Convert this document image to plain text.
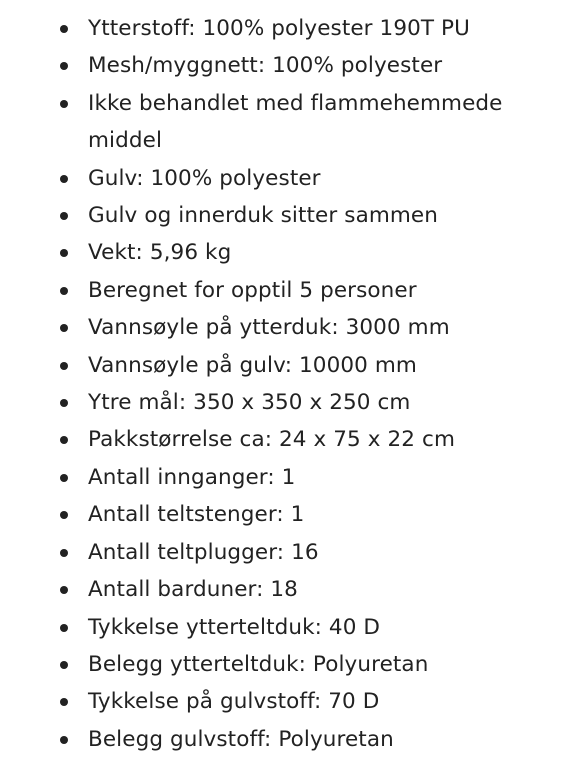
Ytterstoff: 100% polyester 190T PU
Mesh/myggnett: 100% polyester
Ikke behandlet med flammehemmede middel
Gulv: 100% polyester
Gulv og innerduk sitter sammen
Vekt: 5,96 kg
Beregnet for opptil 5 personer
Vannsøyle på ytterduk: 3000 mm
Vannsøyle på gulv: 10000 mm
Ytre mål: 350 x 350 x 250 cm
Pakkstørrelse ca: 24 x 75 x 22 cm
Antall innganger: 1
Antall teltstenger: 1
Antall teltplugger: 16
Antall barduner: 18
Tykkelse ytterteltduk: 40 D
Belegg ytterteltduk: Polyuretan
Tykkelse på gulvstoff: 70 D
Belegg gulvstoff: Polyuretan
